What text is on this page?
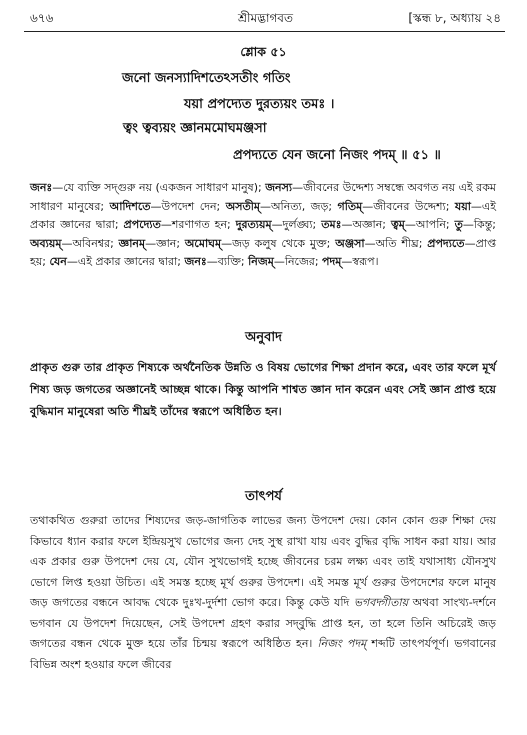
৬৭৬	শ্রীমদ্ভাগবত	[স্কন্ধ ৮, অধ্যায় ২৪
শ্লোক ৫১
জনো জনস্যাদিশতেঽসতীং গতিং
যয়া প্রপদ্যেত দুরত্যয়ং তমঃ ।
ত্বং ত্বব্যয়ং জ্ঞানমমোঘমঞ্জসা
প্রপদ্যতে যেন জনো নিজং পদম্ ॥ ৫১ ॥
জনঃ—যে ব্যক্তি সদ্‌গুরু নয় (একজন সাধারণ মানুষ); জনস্য—জীবনের উদ্দেশ্য সম্বন্ধে অবগত নয় এই রকম সাধারণ মানুষের; আদিশতে—উপদেশ দেন; অসতীম্—অনিত্য, জড়; গতিম্—জীবনের উদ্দেশ্য; যয়া—এই প্রকার জ্ঞানের দ্বারা; প্রপদ্যেত—শরণাগত হন; দুরত্যয়ম্—দুর্লঙ্ঘ্য; তমঃ—অজ্ঞান; ত্বম্—আপনি; তু—কিন্তু; অব্যয়ম্—অবিনশ্বর; জ্ঞানম্—জ্ঞান; অমোঘম্—জড় কলুষ থেকে মুক্ত; অঞ্জসা—অতি শীঘ্র; প্রপদ্যতে—প্রাপ্ত হয়; যেন—এই প্রকার জ্ঞানের দ্বারা; জনঃ—ব্যক্তি; নিজম্—নিজের; পদম্—স্বরূপ।
অনুবাদ
প্রাকৃত গুরু তার প্রাকৃত শিষ্যকে অর্থনৈতিক উন্নতি ও বিষয় ভোগের শিক্ষা প্রদান করে, এবং তার ফলে মূর্খ শিষ্য জড় জগতের অজ্ঞানেই আচ্ছন্ন থাকে। কিন্তু আপনি শাশ্বত জ্ঞান দান করেন এবং সেই জ্ঞান প্রাপ্ত হয়ে বুদ্ধিমান মানুষেরা অতি শীঘ্রই তাঁদের স্বরূপে অধিষ্ঠিত হন।
তাৎপর্য
তথাকথিত গুরুরা তাদের শিষ্যদের জড়-জাগতিক লাভের জন্য উপদেশ দেয়। কোন কোন গুরু শিক্ষা দেয় কিভাবে ধ্যান করার ফলে ইন্দ্রিয়সুখ ভোগের জন্য দেহ সুস্থ রাখা যায় এবং বুদ্ধির বৃদ্ধি সাধন করা যায়। আর এক প্রকার গুরু উপদেশ দেয় যে, যৌন সুখভোগই হচ্ছে জীবনের চরম লক্ষ্য এবং তাই যথাসাধ্য যৌনসুখ ভোগে লিপ্ত হওয়া উচিত। এই সমস্ত হচ্ছে মূর্খ গুরুর উপদেশ। এই সমস্ত মূর্খ গুরুর উপদেশের ফলে মানুষ জড় জগতের বন্ধনে আবদ্ধ থেকে দুঃখ-দুর্দশা ভোগ করে। কিন্তু কেউ যদি ভগবদ্গীতায় অথবা সাংখ্য-দর্শনে ভগবান যে উপদেশ দিয়েছেন, সেই উপদেশ গ্রহণ করার সদ্‌বুদ্ধি প্রাপ্ত হন, তা হলে তিনি অচিরেই জড় জগতের বন্ধন থেকে মুক্ত হয়ে তাঁর চিন্ময় স্বরূপে অধিষ্ঠিত হন। নিজং পদম্ শব্দটি তাৎপর্যপূর্ণ। ভগবানের বিভিন্ন অংশ হওয়ার ফলে জীবের
